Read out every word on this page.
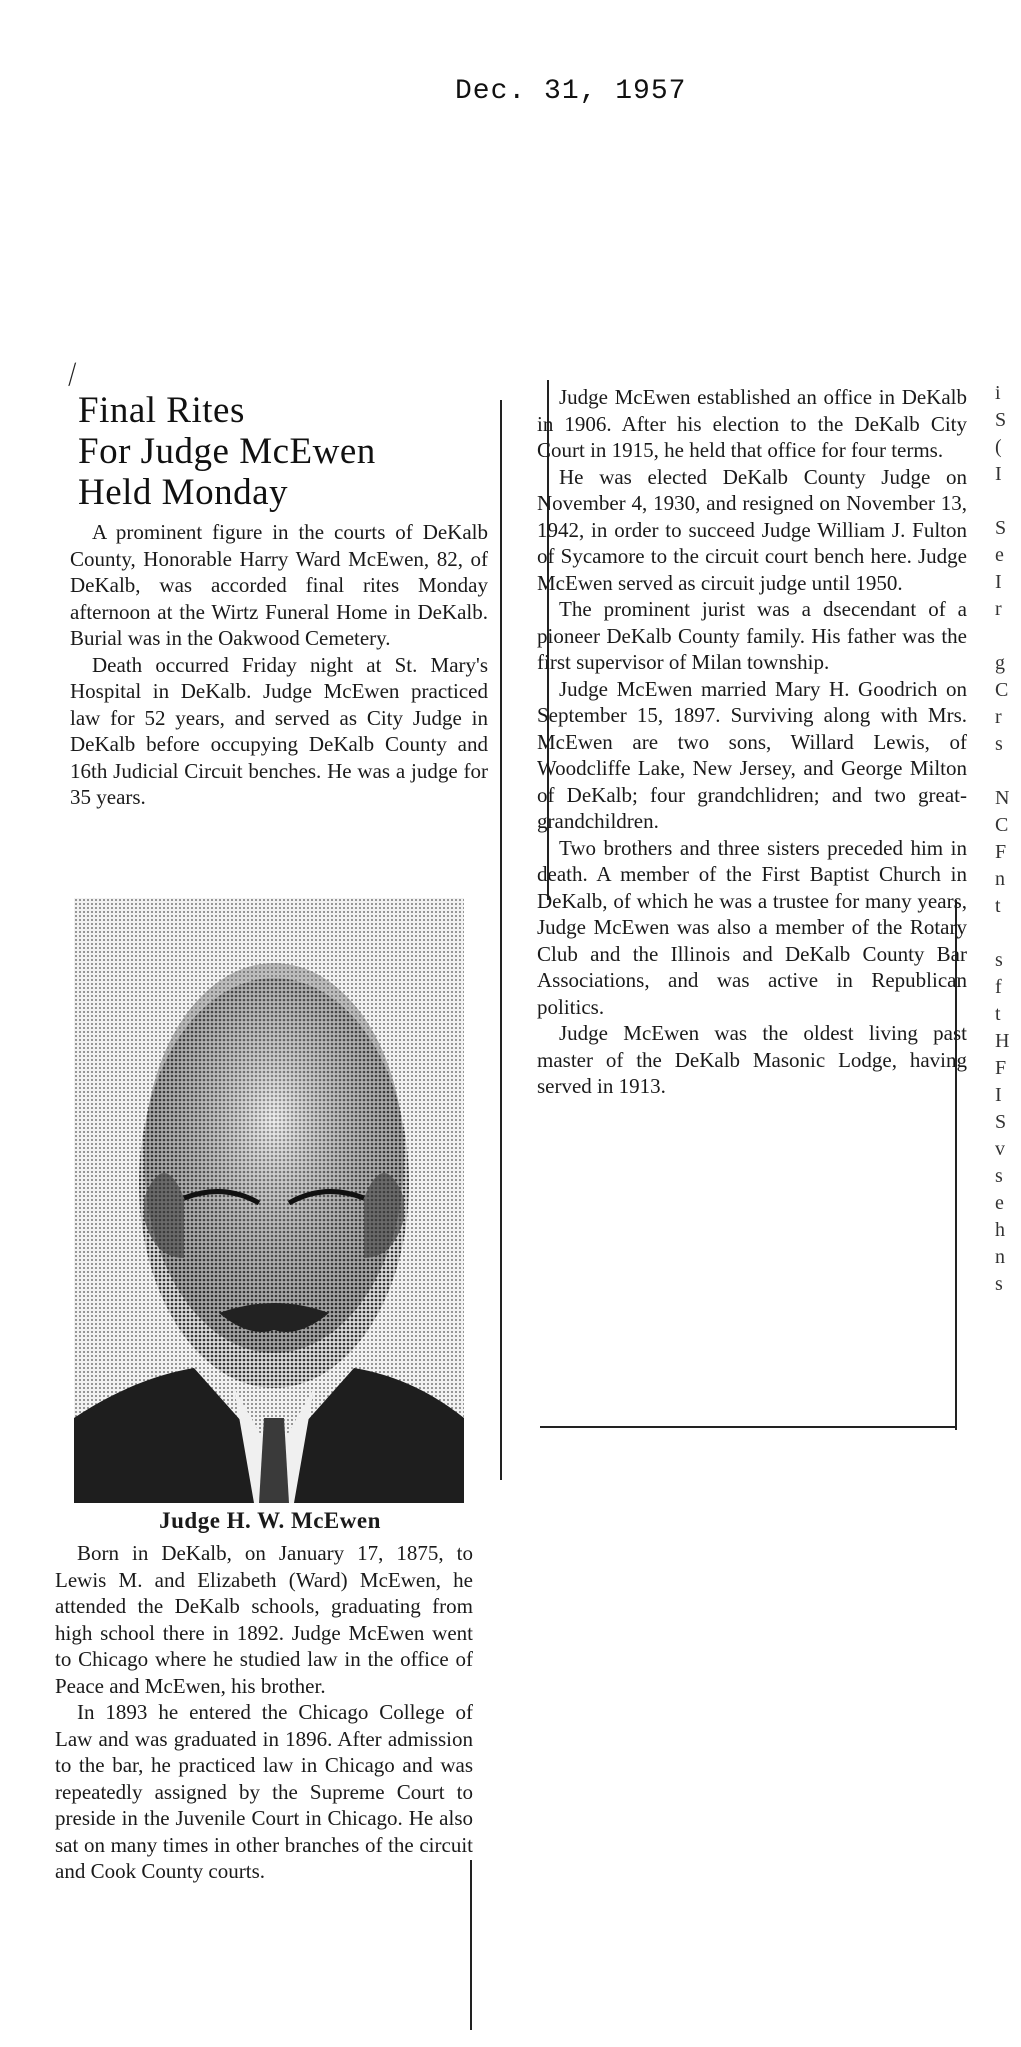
Dec. 31, 1957
⁄
Final Rites
For Judge McEwen
Held Monday

A prominent figure in the courts of DeKalb County, Honorable Harry Ward McEwen, 82, of DeKalb, was accorded final rites Monday afternoon at the Wirtz Funeral Home in DeKalb. Burial was in the Oakwood Cemetery.

Death occurred Friday night at St. Mary's Hospital in DeKalb. Judge McEwen practiced law for 52 years, and served as City Judge in DeKalb before occupying DeKalb County and 16th Judicial Circuit benches. He was a judge for 35 years.

Judge H. W. McEwen

Born in DeKalb, on January 17, 1875, to Lewis M. and Elizabeth (Ward) McEwen, he attended the DeKalb schools, graduating from high school there in 1892. Judge McEwen went to Chicago where he studied law in the office of Peace and McEwen, his brother.

In 1893 he entered the Chicago College of Law and was graduated in 1896. After admission to the bar, he practiced law in Chicago and was repeatedly assigned by the Supreme Court to preside in the Juvenile Court in Chicago. He also sat on many times in other branches of the circuit and Cook County courts.

Judge McEwen established an office in DeKalb in 1906. After his election to the DeKalb City Court in 1915, he held that office for four terms.

He was elected DeKalb County Judge on November 4, 1930, and resigned on November 13, 1942, in order to succeed Judge William J. Fulton of Sycamore to the circuit court bench here. Judge McEwen served as circuit judge until 1950.

The prominent jurist was a dsecendant of a pioneer DeKalb County family. His father was the first supervisor of Milan township.

Judge McEwen married Mary H. Goodrich on September 15, 1897. Surviving along with Mrs. McEwen are two sons, Willard Lewis, of Woodcliffe Lake, New Jersey, and George Milton of DeKalb; four grandchlidren; and two great-grandchildren.

Two brothers and three sisters preceded him in death. A member of the First Baptist Church in DeKalb, of which he was a trustee for many years, Judge McEwen was also a member of the Rotary Club and the Illinois and DeKalb County Bar Associations, and was active in Republican politics.

Judge McEwen was the oldest living past master of the DeKalb Masonic Lodge, having served in 1913.

i
S
(
I
S
e
I
r
g
C
r
s
N
C
F
n
t
s
f
t
H
F
I
S
v
s
e
h
n
s
